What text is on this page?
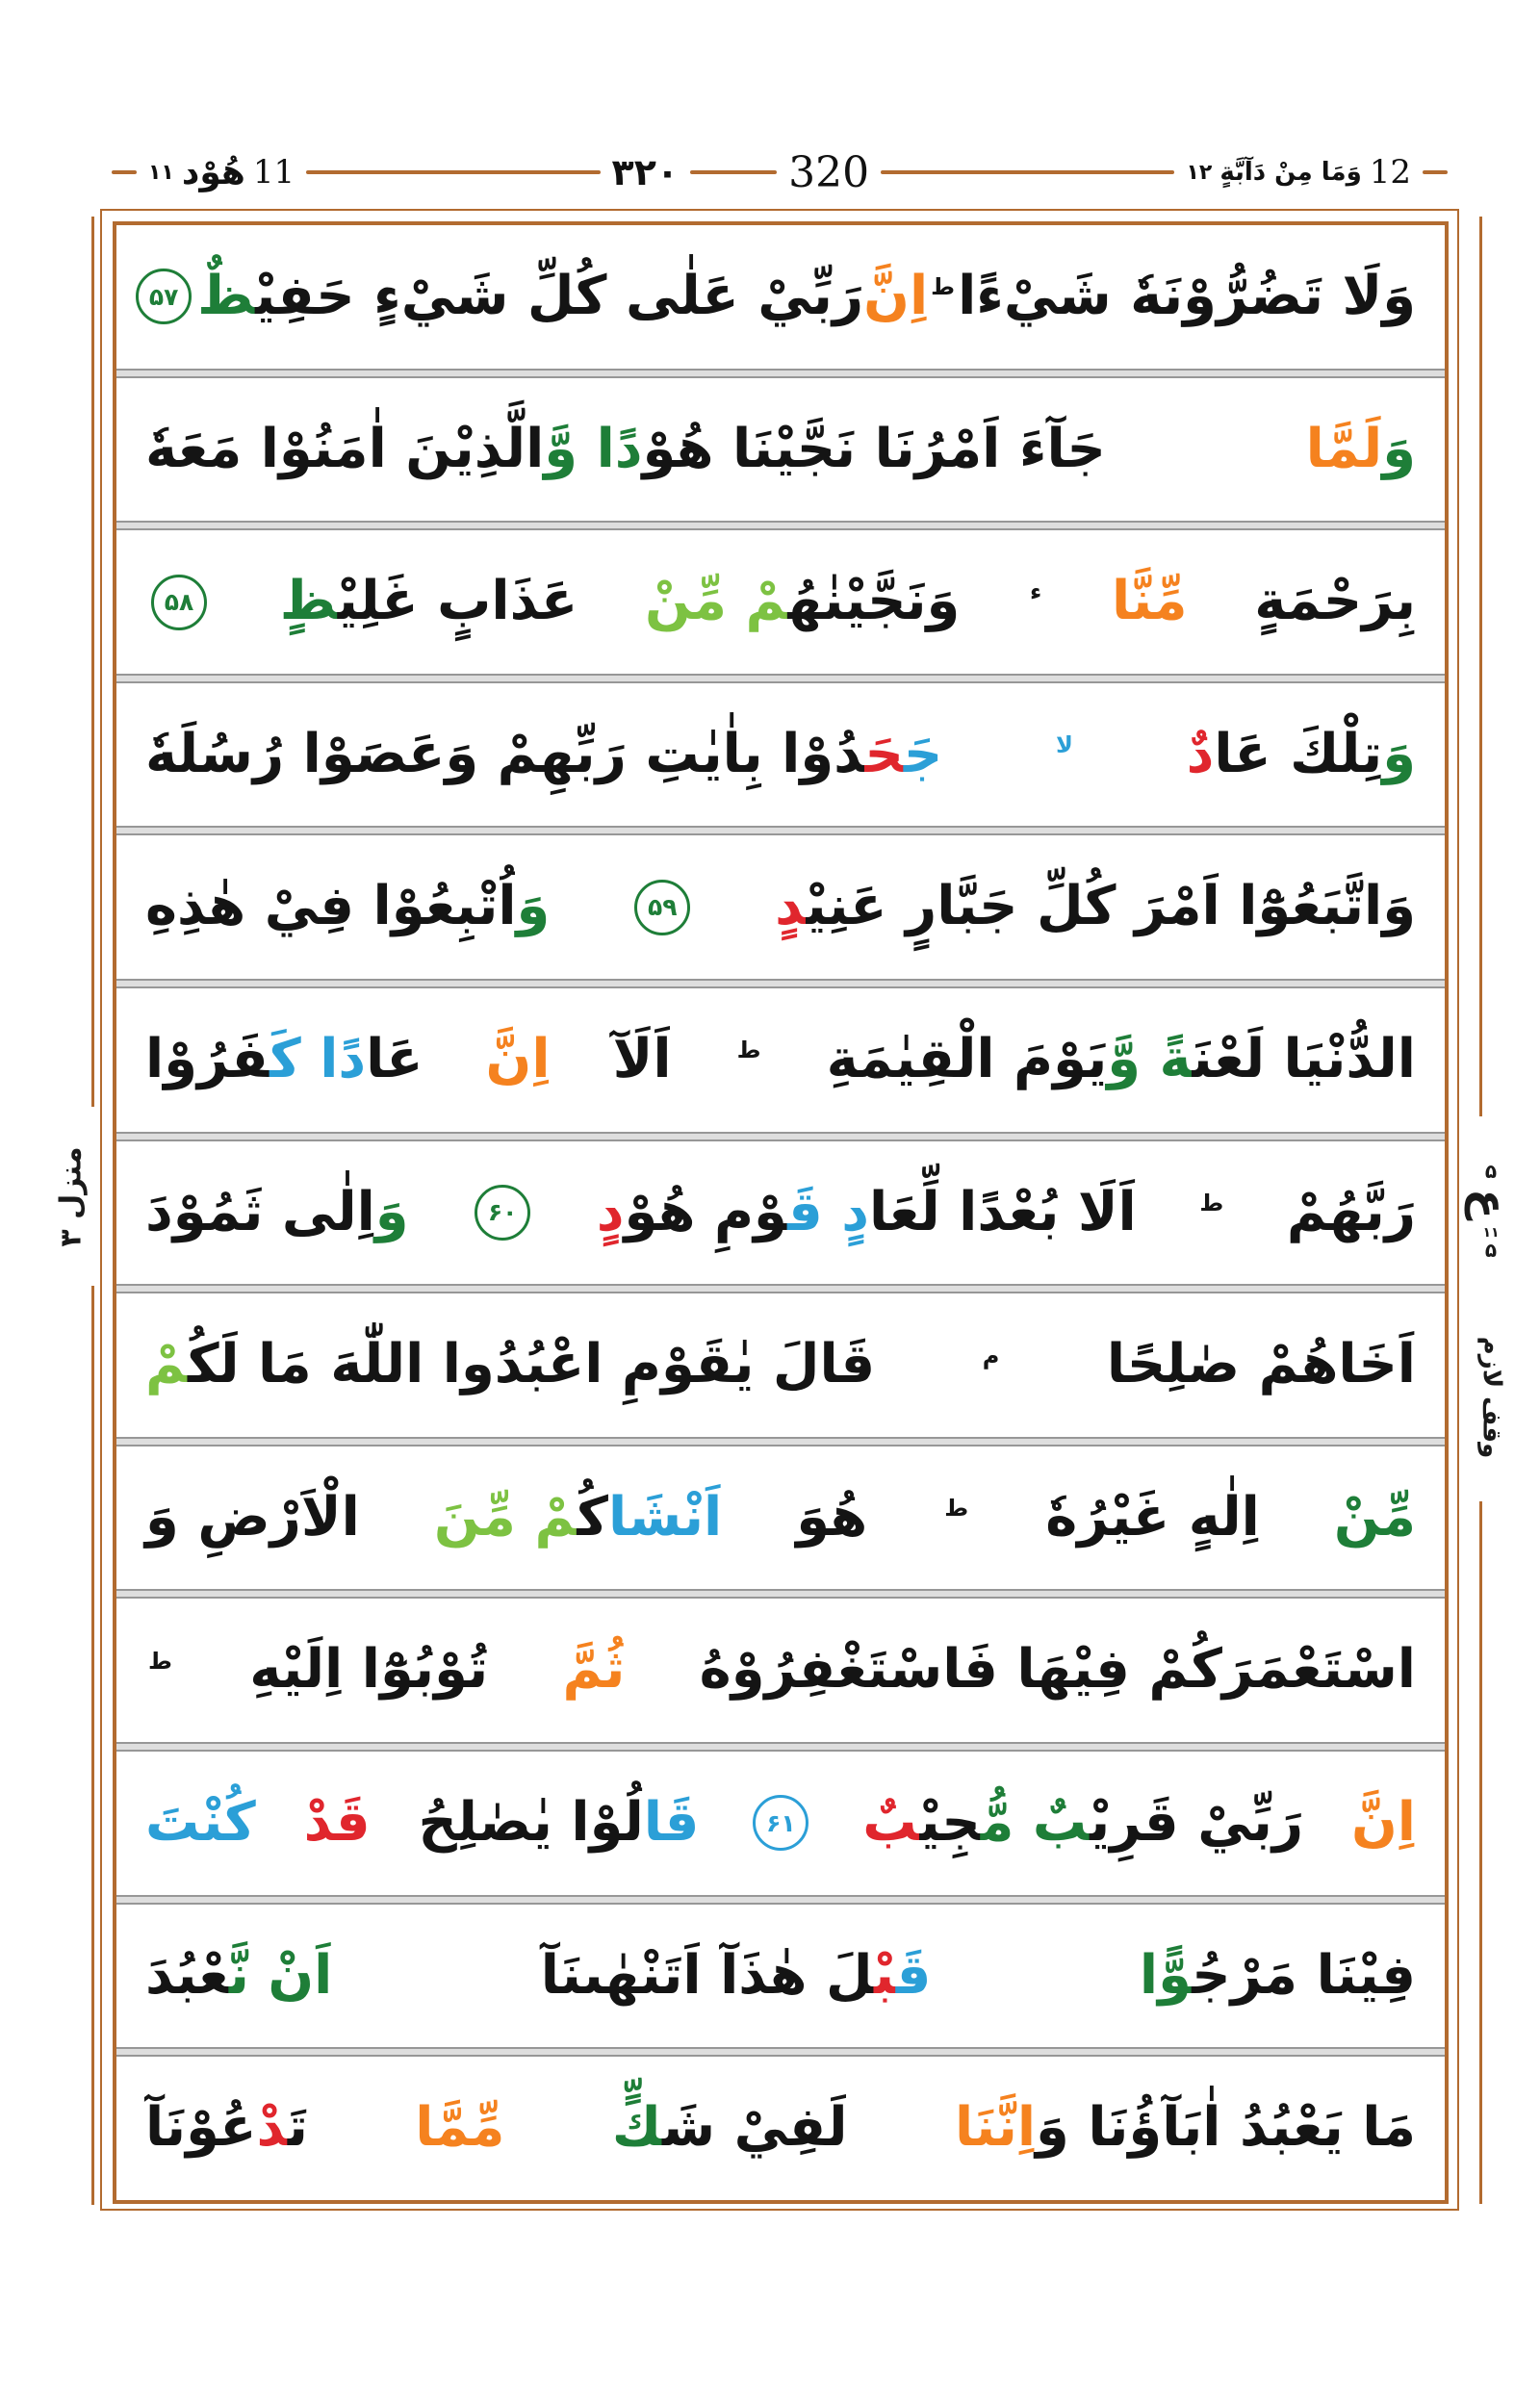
12
وَمَا مِنْ دَآبَّةٍ
۱۲
320
۳۲۰
11
هُوْد
۱۱
وَلَا تَضُرُّوْنَهٗ شَيْءًا
$^ط$
اِنَّ
رَبِّيْ عَلٰى كُلِّ شَيْءٍ حَفِيْظٌ
۵۷
وَلَمَّا
جَآءَ اَمْرُنَا نَجَّيْنَا هُوْدًا وَّالَّذِيْنَ اٰمَنُوْا مَعَهٗ
بِرَحْمَةٍ
مِّنَّا
$^ء$
وَنَجَّيْنٰهُمْ مِّنْ
عَذَابٍ غَلِيْظٍ
۵۸
وَتِلْكَ عَادٌ
$^{لا}$
جَحَدُوْا بِاٰيٰتِ رَبِّهِمْ وَعَصَوْا رُسُلَهٗ
وَاتَّبَعُوْٓا اَمْرَ كُلِّ جَبَّارٍ عَنِيْدٍ
۵۹
وَاُتْبِعُوْا فِيْ هٰذِهِ
الدُّنْيَا لَعْنَةً وَّيَوْمَ الْقِيٰمَةِ
$^ط$
اَلَآ
اِنَّ
عَادًا كَفَرُوْا
رَبَّهُمْ
$^ط$
اَلَا بُعْدًا لِّعَادٍ قَوْمِ هُوْدٍ
۶۰
وَاِلٰى ثَمُوْدَ
اَخَاهُمْ صٰلِحًا
$^م$
قَالَ يٰقَوْمِ اعْبُدُوا اللّٰهَ مَا لَكُمْ
مِّنْ
اِلٰهٍ غَيْرُهٗ
$^ط$
هُوَ
اَنْشَاكُمْ مِّنَ
الْاَرْضِ وَ
اسْتَعْمَرَكُمْ فِيْهَا فَاسْتَغْفِرُوْهُ
ثُمَّ
تُوْبُوْٓا اِلَيْهِ
$^ط$
اِنَّ
رَبِّيْ قَرِيْبٌ مُّجِيْبٌ
۶۱
قَالُوْا يٰصٰلِحُ
قَدْ
كُنْتَ
فِيْنَا مَرْجُوًّا
قَبْلَ هٰذَآ اَتَنْهٰىنَآ
اَنْ نَّعْبُدَ
مَا يَعْبُدُ اٰبَآؤُنَا وَاِنَّنَا
لَفِيْ شَكٍّ
مِّمَّا
تَدْعُوْنَآ
منزل ۳	۵
ع
۱۱
۵
وقف لازم
